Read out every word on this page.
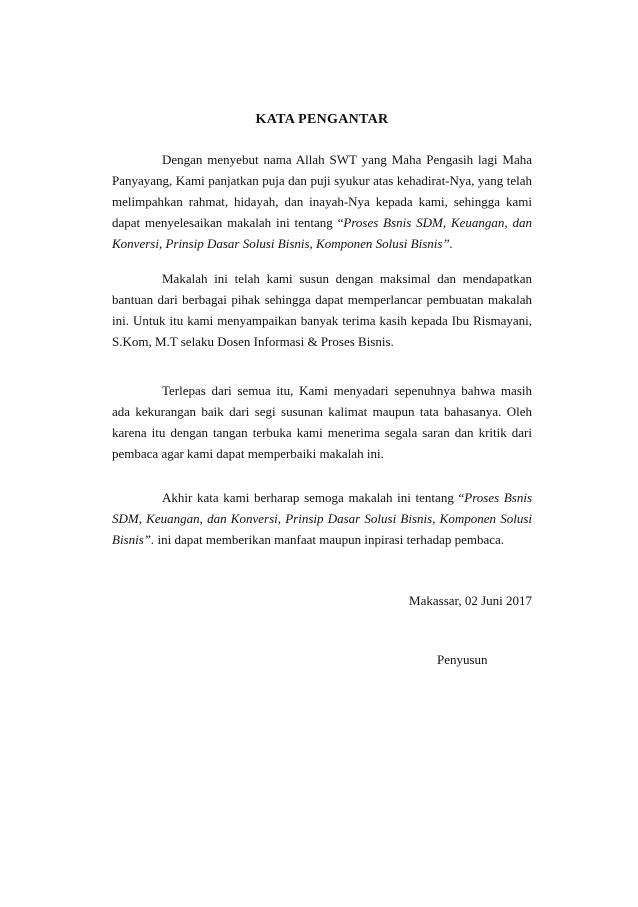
KATA PENGANTAR

Dengan menyebut nama Allah SWT yang Maha Pengasih lagi Maha Panyayang, Kami panjatkan puja dan puji syukur atas kehadirat-Nya, yang telah melimpahkan rahmat, hidayah, dan inayah-Nya kepada kami, sehingga kami dapat menyelesaikan makalah ini tentang “Proses Bsnis SDM, Keuangan, dan Konversi, Prinsip Dasar Solusi Bisnis, Komponen Solusi Bisnis”.

Makalah ini telah kami susun dengan maksimal dan mendapatkan bantuan dari berbagai pihak sehingga dapat memperlancar pembuatan makalah ini. Untuk itu kami menyampaikan banyak terima kasih kepada Ibu Rismayani, S.Kom, M.T selaku Dosen Informasi & Proses Bisnis.

Terlepas dari semua itu, Kami menyadari sepenuhnya bahwa masih ada kekurangan baik dari segi susunan kalimat maupun tata bahasanya. Oleh karena itu dengan tangan terbuka kami menerima segala saran dan kritik dari pembaca agar kami dapat memperbaiki makalah ini.

Akhir kata kami berharap semoga makalah ini tentang “Proses Bsnis SDM, Keuangan, dan Konversi, Prinsip Dasar Solusi Bisnis, Komponen Solusi Bisnis”. ini dapat memberikan manfaat maupun inpirasi terhadap pembaca.

Makassar, 02 Juni 2017
Penyusun
